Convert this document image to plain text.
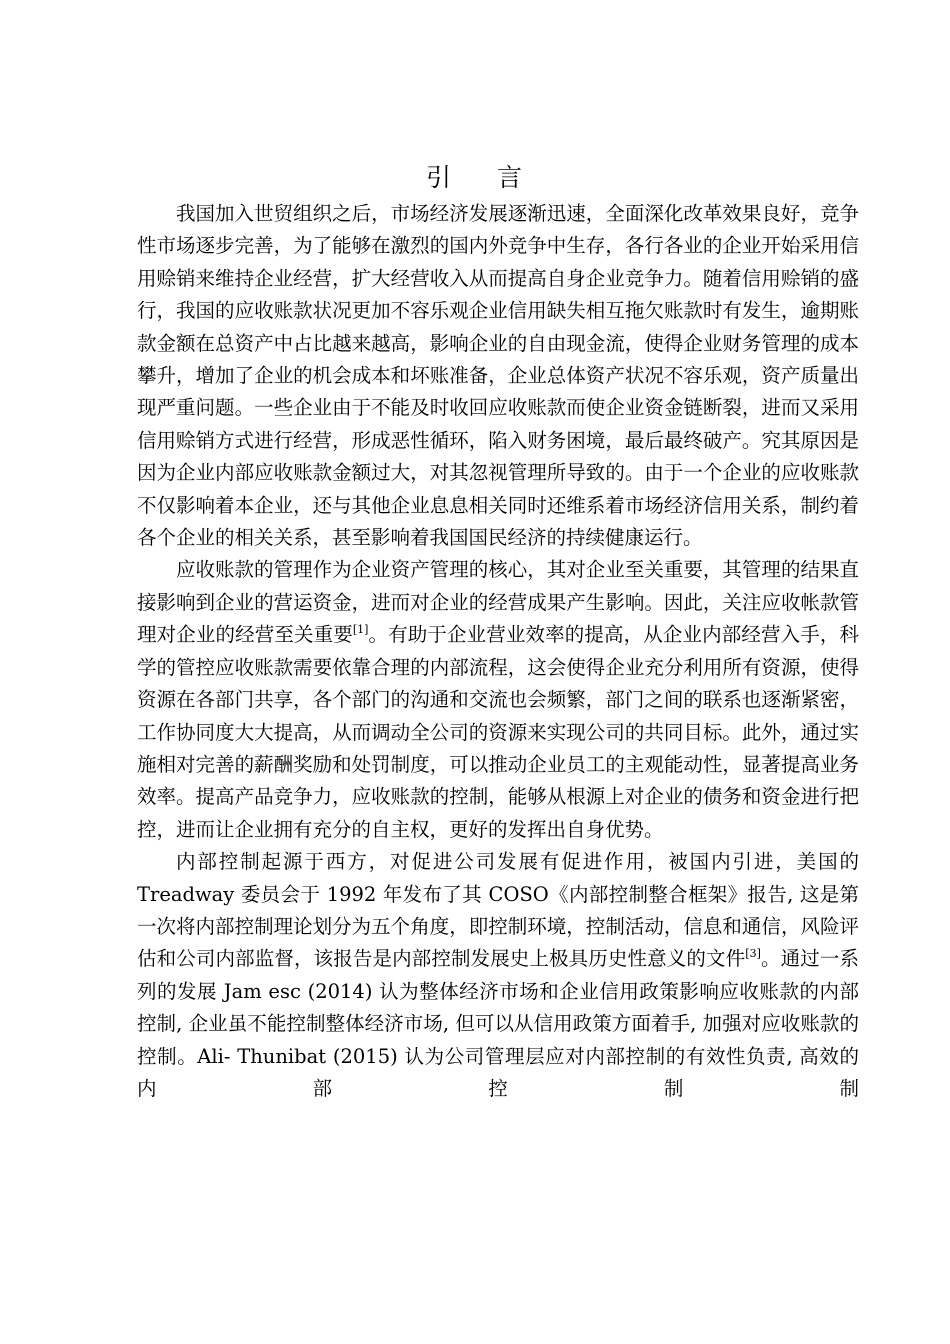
引 言

我国加入世贸组织之后，市场经济发展逐渐迅速，全面深化改革效果良好，竞争性市场逐步完善，为了能够在激烈的国内外竞争中生存，各行各业的企业开始采用信用赊销来维持企业经营，扩大经营收入从而提高自身企业竞争力。随着信用赊销的盛行，我国的应收账款状况更加不容乐观企业信用缺失相互拖欠账款时有发生，逾期账款金额在总资产中占比越来越高，影响企业的自由现金流，使得企业财务管理的成本攀升，增加了企业的机会成本和坏账准备，企业总体资产状况不容乐观，资产质量出现严重问题。一些企业由于不能及时收回应收账款而使企业资金链断裂，进而又采用信用赊销方式进行经营，形成恶性循环，陷入财务困境，最后最终破产。究其原因是因为企业内部应收账款金额过大，对其忽视管理所导致的。由于一个企业的应收账款不仅影响着本企业，还与其他企业息息相关同时还维系着市场经济信用关系，制约着各个企业的相关关系，甚至影响着我国国民经济的持续健康运行。

应收账款的管理作为企业资产管理的核心，其对企业至关重要，其管理的结果直接影响到企业的营运资金，进而对企业的经营成果产生影响。因此，关注应收帐款管理对企业的经营至关重要[1]。有助于企业营业效率的提高，从企业内部经营入手，科学的管控应收账款需要依靠合理的内部流程，这会使得企业充分利用所有资源，使得资源在各部门共享，各个部门的沟通和交流也会频繁，部门之间的联系也逐渐紧密，工作协同度大大提高，从而调动全公司的资源来实现公司的共同目标。此外，通过实施相对完善的薪酬奖励和处罚制度，可以推动企业员工的主观能动性，显著提高业务效率。提高产品竞争力，应收账款的控制，能够从根源上对企业的债务和资金进行把控，进而让企业拥有充分的自主权，更好的发挥出自身优势。

内部控制起源于西方，对促进公司发展有促进作用，被国内引进，美国的 Treadway 委员会于 1992 年发布了其 COSO《内部控制整合框架》报告, 这是第一次将内部控制理论划分为五个角度，即控制环境，控制活动，信息和通信，风险评估和公司内部监督，该报告是内部控制发展史上极具历史性意义的文件[3]。通过一系列的发展 Jam esc (2014) 认为整体经济市场和企业信用政策影响应收账款的内部控制, 企业虽不能控制整体经济市场, 但可以从信用政策方面着手, 加强对应收账款的控制。Ali- Thunibat (2015) 认为公司管理层应对内部控制的有效性负责, 高效的内部控制制
